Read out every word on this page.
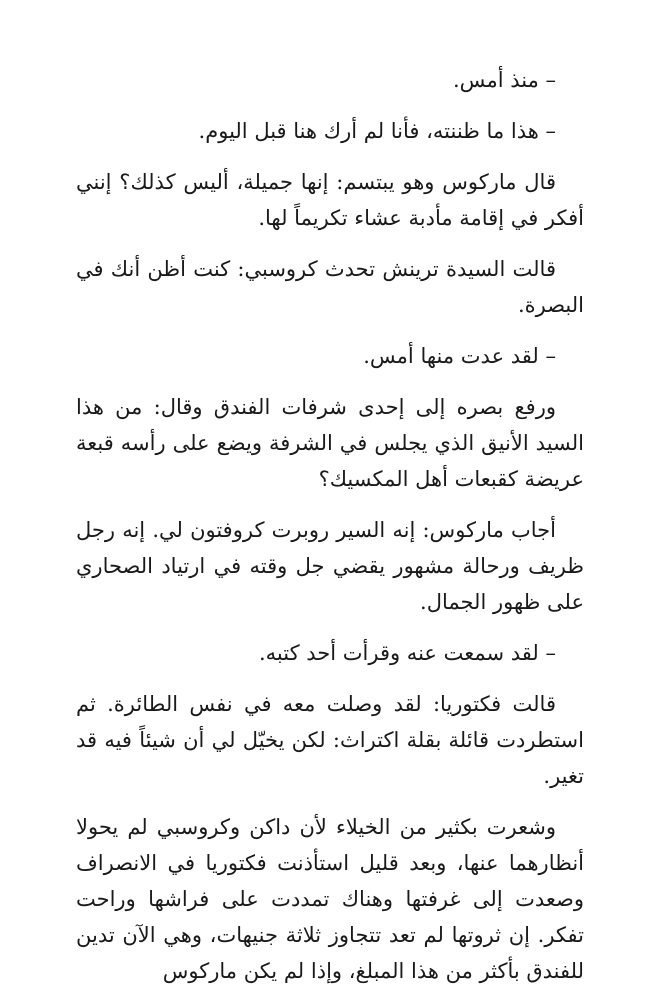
– منذ أمس.

– هذا ما ظننته، فأنا لم أرك هنا قبل اليوم.

قال ماركوس وهو يبتسم: إنها جميلة، أليس كذلك؟ إنني أفكر في إقامة مأدبة عشاء تكريماً لها.

قالت السيدة ترينش تحدث كروسبي: كنت أظن أنك في البصرة.

– لقد عدت منها أمس.

ورفع بصره إلى إحدى شرفات الفندق وقال: من هذا السيد الأنيق الذي يجلس في الشرفة ويضع على رأسه قبعة عريضة كقبعات أهل المكسيك؟

أجاب ماركوس: إنه السير روبرت كروفتون لي. إنه رجل ظريف ورحالة مشهور يقضي جل وقته في ارتياد الصحاري على ظهور الجمال.

– لقد سمعت عنه وقرأت أحد كتبه.

قالت فكتوريا: لقد وصلت معه في نفس الطائرة. ثم استطردت قائلة بقلة اكتراث: لكن يخيّل لي أن شيئاً فيه قد تغير.

وشعرت بكثير من الخيلاء لأن داكن وكروسبي لم يحولا أنظارهما عنها، وبعد قليل استأذنت فكتوريا في الانصراف وصعدت إلى غرفتها وهناك تمددت على فراشها وراحت تفكر. إن ثروتها لم تعد تتجاوز ثلاثة جنيهات، وهي الآن تدين للفندق بأكثر من هذا المبلغ، وإذا لم يكن ماركوس
